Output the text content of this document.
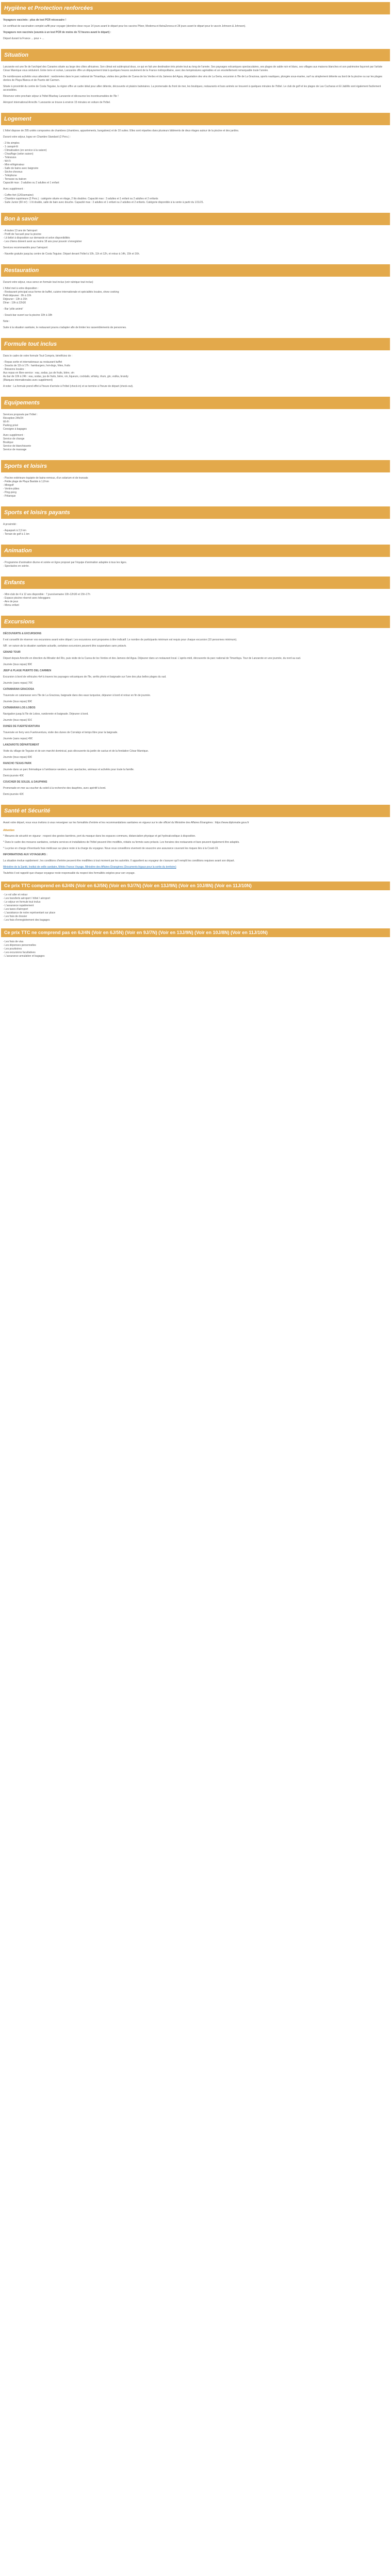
Hygiène et Protection renforcées
Voyageurs vaccinés : plus de test PCR nécessaire !
Un certificat de vaccination complet suffit pour voyager (dernière dose reçue 14 jours avant le départ pour les vaccins Pfizer, Moderna et AstraZeneca et 28 jours avant le départ pour le vaccin Johnson & Johnson).
Voyageurs non vaccinés (soumis à un test PCR de moins de 72 heures avant le départ) :
Départ durant la France ... pour + ...
Situation
Lanzarote est une île de l'archipel des Canaries située au large des côtes africaines. Son climat est subtropical doux, ce qui en fait une destination très prisée tout au long de l'année. Ses paysages volcaniques spectaculaires, ses plages de sable noir et blanc, ses villages aux maisons blanches et son patrimoine façonné par l'artiste César Manrique vous séduiront. Entre terre et océan, Lanzarote offre un dépaysement total à quelques heures seulement de la France métropolitaine, avec des températures agréables et un ensoleillement remarquable toute l'année.
De nombreuses activités vous attendent : randonnées dans le parc national de Timanfaya, visites des grottes de Cueva de los Verdes et du Jameos del Agua, dégustation des vins de La Geria, excursion à l'île de La Graciosa, sports nautiques, plongée sous-marine, surf ou simplement détente au bord de la piscine ou sur les plages dorées de Playa Blanca et de Puerto del Carmen.
Située à proximité du centre de Costa Teguise, la région offre un cadre idéal pour allier détente, découverte et plaisirs balnéaires. La promenade du front de mer, les boutiques, restaurants et bars animés se trouvent à quelques minutes de l'hôtel. Le club de golf et les plages de Las Cucharas et El Jablillo sont également facilement accessibles.
Réservez votre prochain séjour à l'hôtel Bluebay Lanzarote et découvrez les incontournables de l'île !
Aéroport international Arrecife / Lanzarote se trouve à environ 15 minutes en voiture de l'hôtel.
Logement
L'hôtel dispose de 295 unités composées de chambres (chambres, appartements, bungalows) et de 10 suites. Elles sont réparties dans plusieurs bâtiments de deux étages autour de la piscine et des jardins.
Durant votre séjour, logez en Chambre Standard (2 Pers.) :
- 2 lits simples
- 1 canapé-lit
- Climatisation (en service à la saison)
- Chauffage (selon saison)
- Télévision
- Wi-Fi
- Mini-réfrigérateur
- Salle de bains avec baignoire
- Sèche-cheveux
- Téléphone
- Terrasse ou balcon
Capacité max : 3 adultes ou 2 adultes et 1 enfant
Avec supplément :
- Coffre-fort (12€/semaine)
- Chambre supérieure (2 Pers.) : catégorie située en étage, 2 lits doubles. Capacité max : 3 adultes et 1 enfant ou 2 adultes et 2 enfants
- Suite Junior (60 m²) : 1 lit double, salle de bain avec douche. Capacité max : 3 adultes et 1 enfant ou 2 adultes et 2 enfants. Catégorie disponible à la vente à partir du 1/11/21.
Bon à savoir
- A toutes 13 ans de l'aéroport
- Profil de l'accueil pour la piscine
- Lit bébé à disposition sur demande et selon disponibilités
- Les chiens doivent avoir au moins 18 ans pour pouvoir s'enregistrer
Services recommandés pour l'aéroport:
- Navette gratuite jusqu'au centre de Costa Teguise. Départ devant l'hôtel à 10h, 11h et 12h, et retour à 14h, 15h et 16h.
Restauration
Durant votre séjour, vous serez en formule tout inclus (voir rubrique tout inclus)
L'hôtel met à votre disposition :
- Restaurant principal sous forme de buffet, cuisine internationale et spécialités locales, show cooking
Petit déjeuner : 8h à 10h
Déjeuner : 13h à 15h
Dîner : 19h à 22h30
- Bar 'pôle animé'
- Snack-bar ouvert sur la piscine 10h à 18h
Note :
Suite à la situation sanitaire, le restaurant pourra s'adapter afin de limiter les rassemblements de personnes.
Formule tout inclus
Dans le cadre de votre formule Tout Compris, bénéficiez de :
- Repas sortie et internationaux au restaurant buffet
- Snacks de 11h à 17h : hamburgers, hot-dogs, frites, fruits
- Boissons locales :
Aux repas en libre-service : eau, sodas, jus de fruits, bière, vin
Au bar de 10h à 24h : eau, sodas, jus de fruits, bière, vin, liqueurs, cocktails, whisky, rhum, gin, vodka, brandy
(Marques internationales avec supplément)
A noter : La formule prend effet à l'heure d'arrivée à l'hôtel (check-in) et se termine à l'heure de départ (check-out).
Equipements
Services proposés par l'hôtel :
Réception 24h/24
Wi-Fi
Parking privé
Consigne à bagages
Avec supplément :
Service de change
Boutique
Service de blanchisserie
Service de massage
Sports et loisirs
- Piscine extérieure équipée de bains-remous, d'un solarium et de transats
- Petite plage de Playa Bastián à 1,8 km
- Minigolf
- Ventre-pâtes
- Ping-pong
- Pétanque
Sports et loisirs payants
A proximité :
- Aquapark à 2,5 km
- Terrain de golf à 1 km
Animation
- Programme d'animation diurne et soirée en ligne proposé par l'équipe d'animation adaptée à tous les âges.
- Spectacles en soirée.
Enfants
- Mini-club de 4 à 12 ans disponible : 7 jours/semaine 10h-12h30 et 15h-17h
- Espace piscine réservé avec toboggans
- Aire de jeux
- Menu enfant
Excursions
DÉCOUVERTE & EXCURSIONS
Il est conseillé de réserver vos excursions avant votre départ. Les excursions sont proposées à titre indicatif. Le nombre de participants minimum est requis pour chaque excursion (10 personnes minimum).
NB : en raison de la situation sanitaire actuelle, certaines excursions peuvent être suspendues sans préavis.
GRAND TOUR
Départ depuis Arrecife en direction du Mirador del Río, puis visite de la Cueva de los Verdes et des Jameos del Agua. Déjeuner dans un restaurant local. L'après-midi, découverte du parc national de Timanfaya. Tour de Lanzarote en une journée, du nord au sud.
Journée (tous repas) 99€
JEEP & PLAGE PUERTO DEL CARMEN
Excursion à bord de véhicules 4x4 à travers les paysages volcaniques de l'île, arrêts photo et baignade sur l'une des plus belles plages du sud.
Journée (sans repas) 70€
CATAMARAN GRACIOSA
Traversée en catamaran vers l'île de La Graciosa, baignade dans des eaux turquoise, déjeuner à bord et retour en fin de journée.
Journée (tous repas) 99€
CATAMARAN LOS LOBOS
Navigation jusqu'à l'île de Lobos, randonnée et baignade. Déjeuner à bord.
Journée (tous repas) 91€
DUNES DE FUERTEVENTURA
Traversée en ferry vers Fuerteventura, visite des dunes de Corralejo et temps libre pour la baignade.
Journée (sans repas) 49€
LANZAROTE DÉPARTEMENT
Visite du village de Teguise et de son marché dominical, puis découverte du jardin de cactus et de la fondation César Manrique.
Journée (tous repas) 69€
RANCHO TEXAS PARK
Journée dans un parc thématique à l'ambiance western, avec spectacles, animaux et activités pour toute la famille.
Demi-journée 40€
COUCHER DE SOLEIL & DAUPHINS
Promenade en mer au coucher du soleil à la recherche des dauphins, avec apéritif à bord.
Demi-journée 42€
Santé et Sécurité
Avant votre départ, nous vous invitons à vous renseigner sur les formalités d'entrée et les recommandations sanitaires en vigueur sur le site officiel du Ministère des Affaires Étrangères : https://www.diplomatie.gouv.fr
Attention
* Mesures de sécurité en vigueur : respect des gestes barrières, port du masque dans les espaces communs, distanciation physique et gel hydroalcoolique à disposition.
* Dans le cadre des mesures sanitaires, certains services et installations de l'hôtel peuvent être modifiés, réduits ou fermés sans préavis. Les horaires des restaurants et bars peuvent également être adaptés.
* La prise en charge d'éventuels frais médicaux sur place reste à la charge du voyageur. Nous vous conseillons vivement de souscrire une assurance couvrant les risques liés à la Covid-19.
INFORMATIONS AUX VOYAGEURS :
La situation évolue rapidement ; les conditions d'entrée peuvent être modifiées à tout moment par les autorités. Il appartient au voyageur de s'assurer qu'il remplit les conditions requises avant son départ.
Ministère de la Santé, Institut de veille sanitaire, Météo France Voyage, Ministère des Affaires Étrangères (Documents légaux pour la sortie du territoire)
Toutefois il est rappelé que chaque voyageur reste responsable du respect des formalités exigées pour son voyage.
Ce prix TTC comprend en 6J/4N (Voir en 6J/5N) (Voir en 9J/7N) (Voir en 13J/9N) (Voir en 10J/8N) (Voir en 11J/10N)
- Le vol aller et retour
- Les transferts aéroport / hôtel / aéroport
- Le séjour en formule tout inclus
- L'assurance rapatriement
- Les taxes d'aéroport
- L'assistance de notre représentant sur place
- Les frais de dossier
- Les frais d'enregistrement des bagages
Ce prix TTC ne comprend pas en 6J/4N (Voir en 6J/5N) (Voir en 9J/7N) (Voir en 13J/9N) (Voir en 10J/8N) (Voir en 11J/10N)
- Les frais de visa
- Les dépenses personnelles
- Les pourboires
- Les excursions facultatives
- L'assurance annulation et bagages
